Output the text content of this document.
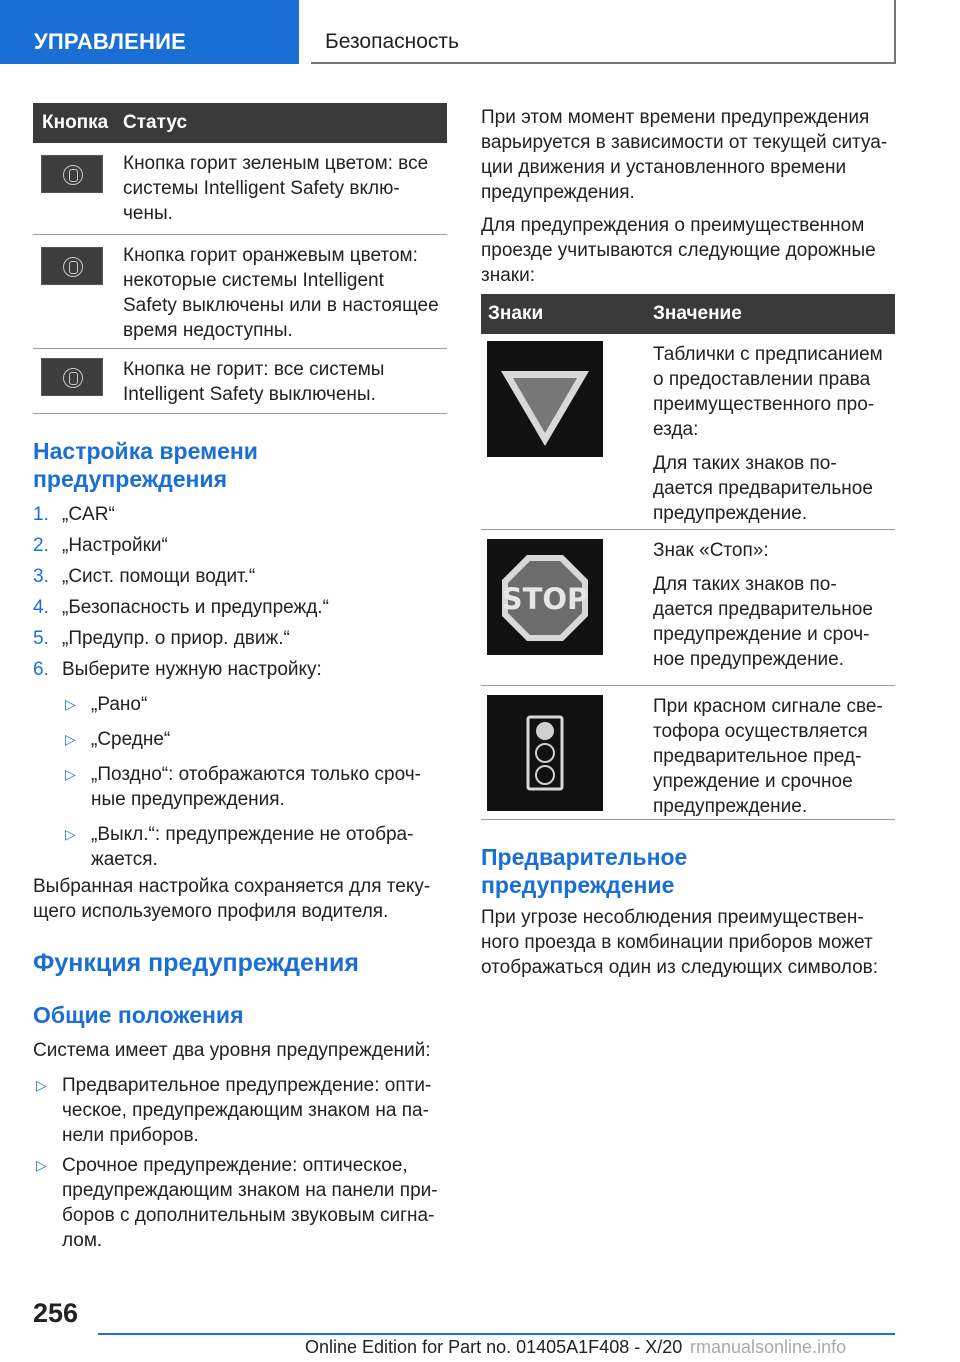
УПРАВЛЕНИЕ	Безопасность
Кнопка Статус
Кнопка горит зеленым цветом: все
системы Intelligent Safety вклю-
чены.
Кнопка горит оранжевым цветом:
некоторые системы Intelligent
Safety выключены или в настоящее
время недоступны.
Кнопка не горит: все системы
Intelligent Safety выключены.
Настройка времени
предупреждения
1. „CAR“
2. „Настройки“
3. „Сист. помощи водит.“
4. „Безопасность и предупрежд.“
5. „Предупр. о приор. движ.“
6. Выберите нужную настройку:
▷ „Рано“
▷ „Средне“
▷ „Поздно“: отображаются только сроч-
ные предупреждения.
▷ „Выкл.“: предупреждение не отобра-
жается.
Выбранная настройка сохраняется для теку-
щего используемого профиля водителя.
Функция предупреждения
Общие положения
Система имеет два уровня предупреждений:
▷ Предварительное предупреждение: опти-
ческое, предупреждающим знаком на па-
нели приборов.
▷ Срочное предупреждение: оптическое,
предупреждающим знаком на панели при-
боров с дополнительным звуковым сигна-
лом.
При этом момент времени предупреждения
варьируется в зависимости от текущей ситуа-
ции движения и установленного времени
предупреждения.
Для предупреждения о преимущественном
проезде учитываются следующие дорожные
знаки:
Знаки	Значение
Таблички с предписанием
о предоставлении права
преимущественного про-
езда:
Для таких знаков по-
дается предварительное
предупреждение.
STOP
Знак «Стоп»:
Для таких знаков по-
дается предварительное
предупреждение и сроч-
ное предупреждение.
При красном сигнале све-
тофора осуществляется
предварительное пред-
упреждение и срочное
предупреждение.
Предварительное
предупреждение
При угрозе несоблюдения преимуществен-
ного проезда в комбинации приборов может
отображаться один из следующих символов:
256
Online Edition for Part no. 01405A1F408 - X/20 rmanualsonline.info
